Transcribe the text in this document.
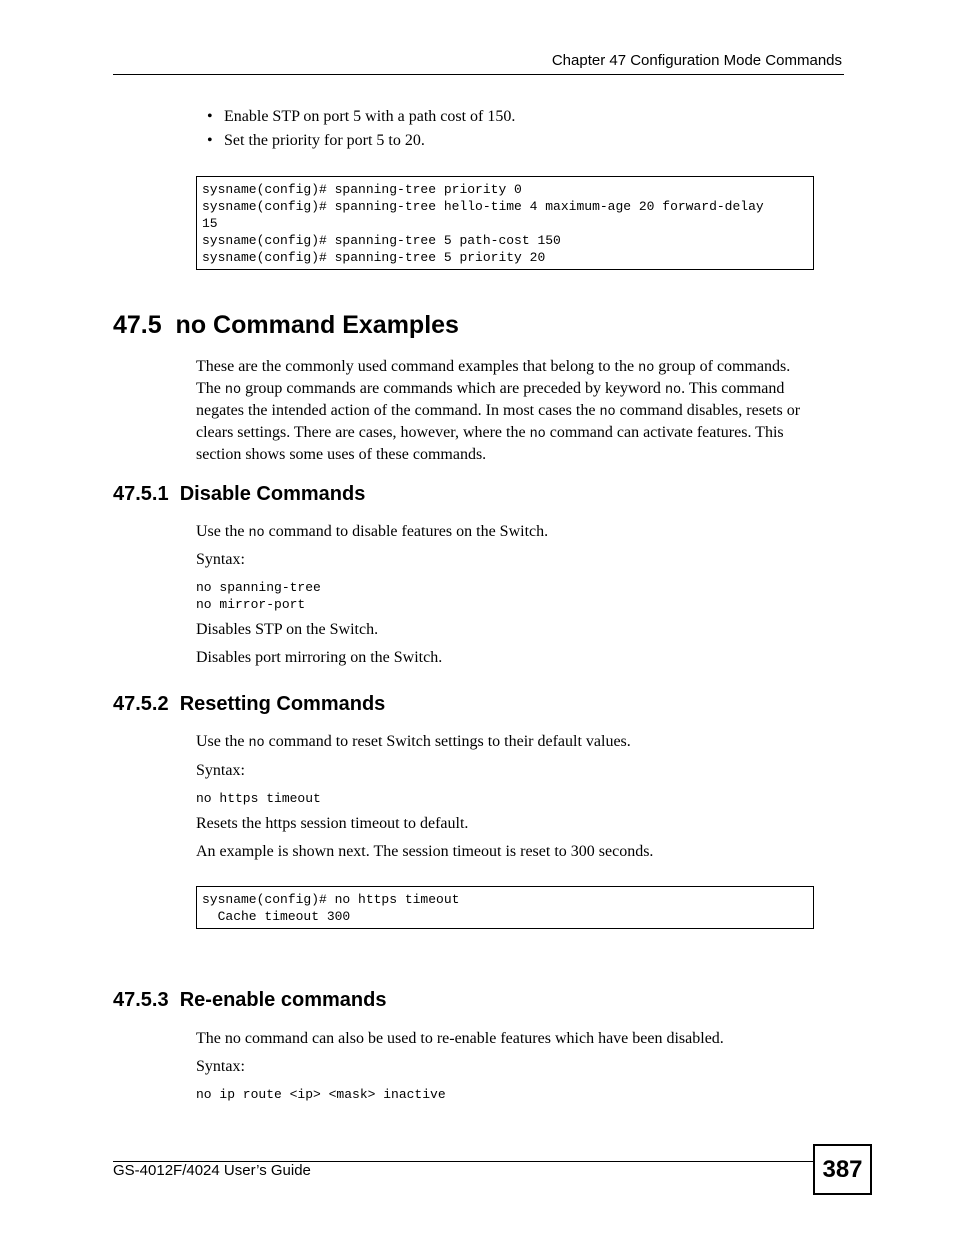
Chapter 47 Configuration Mode Commands
• Enable STP on port 5 with a path cost of 150.
• Set the priority for port 5 to 20.
sysname(config)# spanning-tree priority 0
sysname(config)# spanning-tree hello-time 4 maximum-age 20 forward-delay
15
sysname(config)# spanning-tree 5 path-cost 150
sysname(config)# spanning-tree 5 priority 20
47.5  no Command Examples
These are the commonly used command examples that belong to the no group of commands.
The no group commands are commands which are preceded by keyword no. This command
negates the intended action of the command. In most cases the no command disables, resets or
clears settings. There are cases, however, where the no command can activate features. This
section shows some uses of these commands.
47.5.1  Disable Commands
Use the no command to disable features on the Switch.
Syntax:
no spanning-tree
no mirror-port
Disables STP on the Switch.
Disables port mirroring on the Switch.
47.5.2  Resetting Commands
Use the no command to reset Switch settings to their default values.
Syntax:
no https timeout
Resets the https session timeout to default.
An example is shown next. The session timeout is reset to 300 seconds.
sysname(config)# no https timeout
Cache timeout 300
47.5.3  Re-enable commands
The no command can also be used to re-enable features which have been disabled.
Syntax:
no ip route <ip> <mask> inactive
GS-4012F/4024 User’s Guide	387
